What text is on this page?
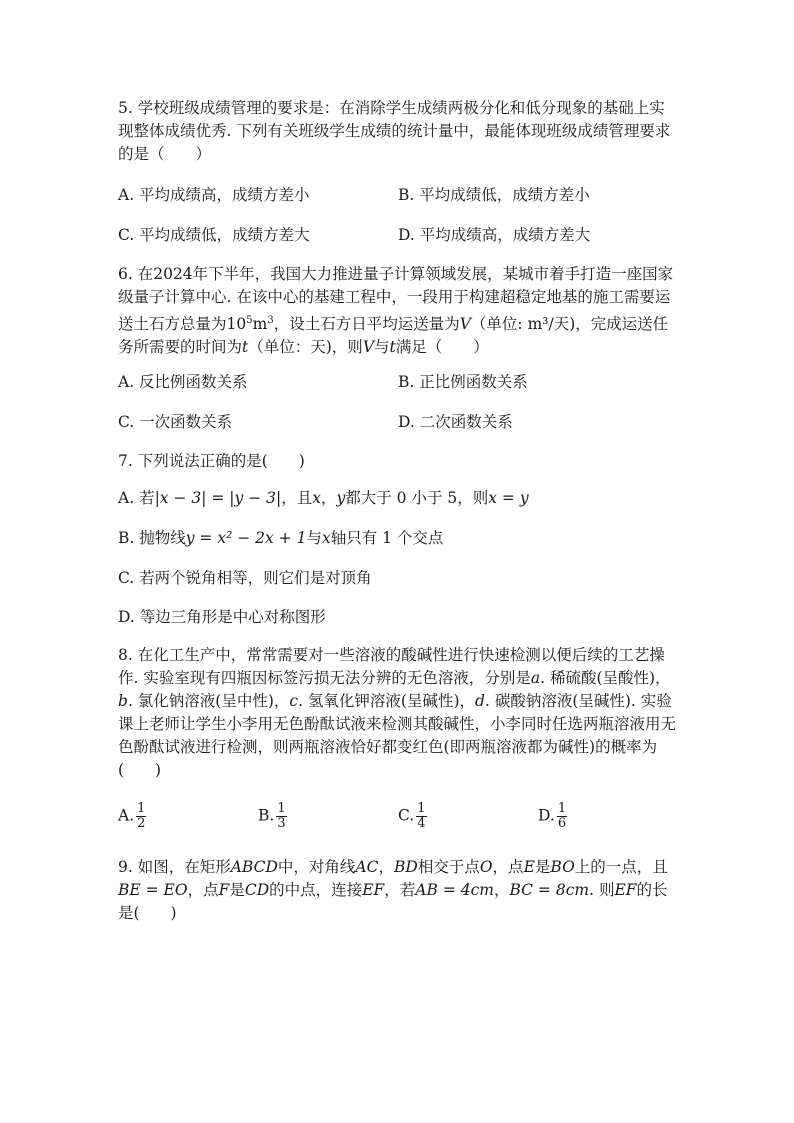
5. 学校班级成绩管理的要求是：在消除学生成绩两极分化和低分现象的基础上实现整体成绩优秀. 下列有关班级学生成绩的统计量中，最能体现班级成绩管理要求的是（　　）

A. 平均成绩高，成绩方差小	B. 平均成绩低，成绩方差小
C. 平均成绩低，成绩方差大	D. 平均成绩高，成绩方差大

6. 在2024年下半年，我国大力推进量子计算领域发展，某城市着手打造一座国家级量子计算中心. 在该中心的基建工程中，一段用于构建超稳定地基的施工需要运送土石方总量为$10^5m^3$，设土石方日平均运送量为V（单位: m³/天)，完成运送任务所需要的时间为t（单位：天)，则V与t满足（　　）

A. 反比例函数关系	B. 正比例函数关系
C. 一次函数关系	D. 二次函数关系
7. 下列说法正确的是(　　)
A. 若|x − 3| = |y − 3|，且x，y都大于 0 小于 5，则x = y
B. 抛物线y = x² − 2x + 1与x轴只有 1 个交点
C. 若两个锐角相等，则它们是对顶角
D. 等边三角形是中心对称图形

8. 在化工生产中，常常需要对一些溶液的酸碱性进行快速检测以便后续的工艺操作. 实验室现有四瓶因标签污损无法分辨的无色溶液，分别是a. 稀硫酸(呈酸性)，b. 氯化钠溶液(呈中性)，c. 氢氧化钾溶液(呈碱性)，d. 碳酸钠溶液(呈碱性). 实验课上老师让学生小李用无色酚酞试液来检测其酸碱性，小李同时任选两瓶溶液用无色酚酞试液进行检测，则两瓶溶液恰好都变红色(即两瓶溶液都为碱性)的概率为(　　)

A. $\frac{1}{2}$	B. $\frac{1}{3}$	C. $\frac{1}{4}$	D. $\frac{1}{6}$

9. 如图，在矩形ABCD中，对角线AC，BD相交于点O，点E是BO上的一点，且BE = EO，点F是CD的中点，连接EF，若AB = 4cm，BC = 8cm. 则EF的长是(　　)
